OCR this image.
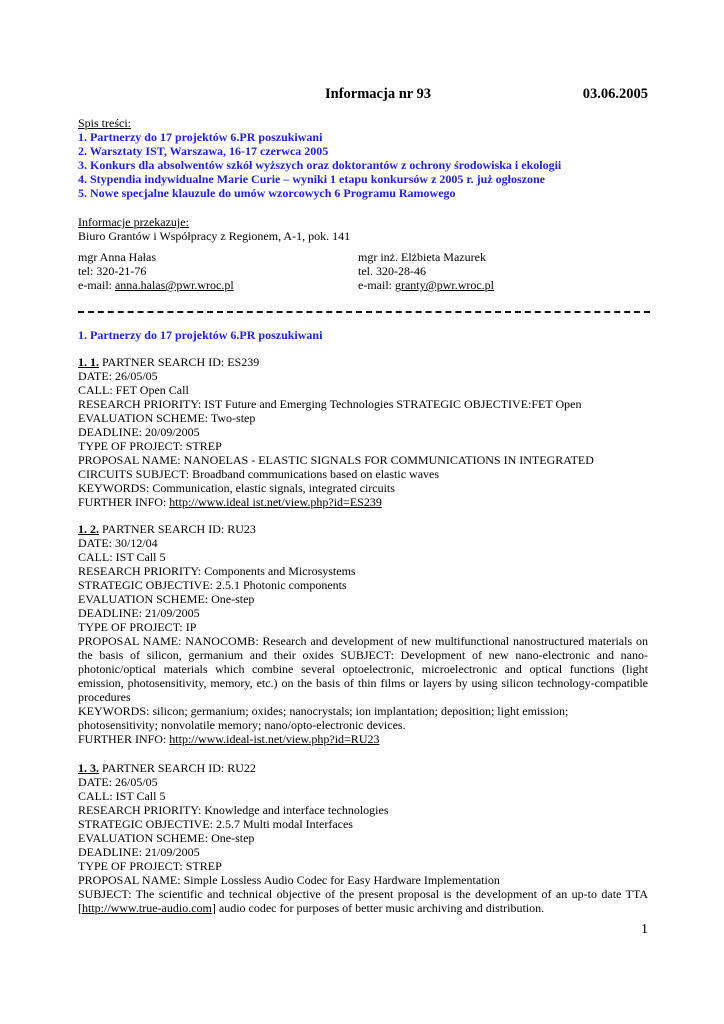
Informacja nr 93	03.06.2005
Spis treści:
1. Partnerzy do 17 projektów 6.PR poszukiwani
2. Warsztaty IST, Warszawa, 16-17 czerwca 2005
3. Konkurs dla absolwentów szkół wyższych oraz doktorantów z ochrony środowiska i ekologii
4. Stypendia indywidualne Marie Curie – wyniki 1 etapu konkursów z 2005 r. już ogłoszone
5. Nowe specjalne klauzule do umów wzorcowych 6 Programu Ramowego
Informacje przekazuje:
Biuro Grantów i Współpracy z Regionem, A-1, pok. 141
mgr Anna Hałas
tel: 320-21-76
e-mail: anna.halas@pwr.wroc.pl
mgr inż. Elżbieta Mazurek
tel. 320-28-46
e-mail: granty@pwr.wroc.pl
1. Partnerzy do 17 projektów 6.PR poszukiwani
1. 1. PARTNER SEARCH ID: ES239
DATE: 26/05/05
CALL: FET Open Call
RESEARCH PRIORITY: IST Future and Emerging Technologies STRATEGIC OBJECTIVE:FET Open
EVALUATION SCHEME: Two-step
DEADLINE: 20/09/2005
TYPE OF PROJECT: STREP
PROPOSAL NAME: NANOELAS - ELASTIC SIGNALS FOR COMMUNICATIONS IN INTEGRATED
CIRCUITS SUBJECT: Broadband communications based on elastic waves
KEYWORDS: Communication, elastic signals, integrated circuits
FURTHER INFO: http://www.ideal ist.net/view.php?id=ES239
1. 2. PARTNER SEARCH ID: RU23
DATE: 30/12/04
CALL: IST Call 5
RESEARCH PRIORITY: Components and Microsystems
STRATEGIC OBJECTIVE: 2.5.1 Photonic components
EVALUATION SCHEME: One-step
DEADLINE: 21/09/2005
TYPE OF PROJECT: IP
PROPOSAL NAME: NANOCOMB: Research and development of new multifunctional nanostructured materials on the basis of silicon, germanium and their oxides SUBJECT: Development of new nano-electronic and nano-photonic/optical materials which combine several optoelectronic, microelectronic and optical functions (light emission, photosensitivity, memory, etc.) on the basis of thin films or layers by using silicon technology-compatible procedures
KEYWORDS: silicon; germanium; oxides; nanocrystals; ion implantation; deposition; light emission; photosensitivity; nonvolatile memory; nano/opto-electronic devices.
FURTHER INFO: http://www.ideal-ist.net/view.php?id=RU23
1. 3. PARTNER SEARCH ID: RU22
DATE: 26/05/05
CALL: IST Call 5
RESEARCH PRIORITY: Knowledge and interface technologies
STRATEGIC OBJECTIVE: 2.5.7 Multi modal Interfaces
EVALUATION SCHEME: One-step
DEADLINE: 21/09/2005
TYPE OF PROJECT: STREP
PROPOSAL NAME: Simple Lossless Audio Codec for Easy Hardware Implementation
SUBJECT: The scientific and technical objective of the present proposal is the development of an up-to date TTA [http://www.true-audio.com] audio codec for purposes of better music archiving and distribution.
1
